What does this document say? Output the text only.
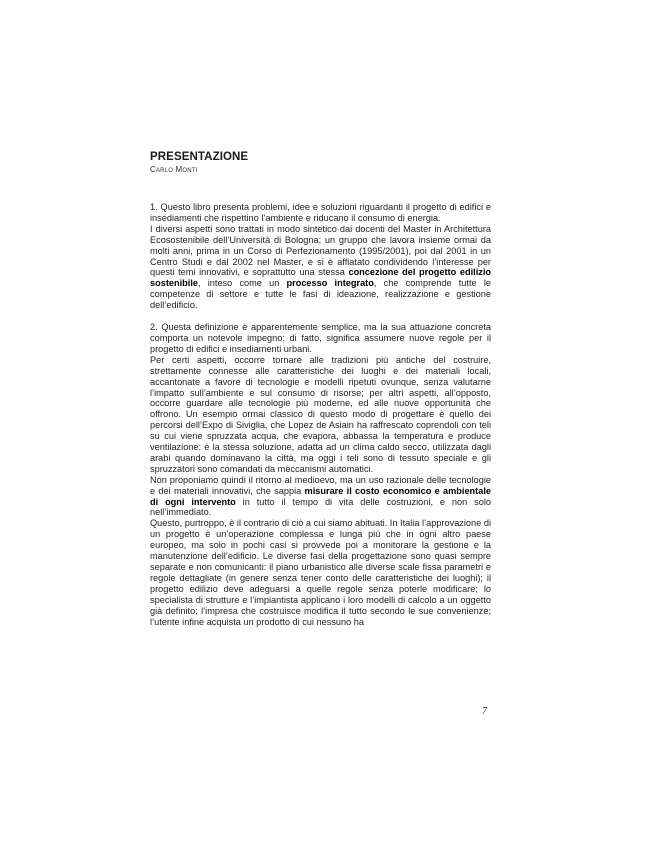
PRESENTAZIONE
Carlo Monti

1. Questo libro presenta problemi, idee e soluzioni riguardanti il progetto di edifici e insediamenti che rispettino l’ambiente e riducano il consumo di energia.

I diversi aspetti sono trattati in modo sintetico dai docenti del Master in Architettura Ecosostenibile dell’Università di Bologna; un gruppo che lavora insieme ormai da molti anni, prima in un Corso di Perfezionamento (1995/2001), poi dal 2001 in un Centro Studi e dal 2002 nel Master, e si è affiatato condividendo l’interesse per questi temi innovativi, e soprattutto una stessa concezione del progetto edilizio sostenibile, inteso come un processo integrato, che comprende tutte le competenze di settore e tutte le fasi di ideazione, realizzazione e gestione dell’edificio.

2. Questa definizione è apparentemente semplice, ma la sua attuazione concreta comporta un notevole impegno; di fatto, significa assumere nuove regole per il progetto di edifici e insediamenti urbani.

Per certi aspetti, occorre tornare alle tradizioni più antiche del costruire, strettamente connesse alle caratteristiche dei luoghi e dei materiali locali, accantonate a favore di tecnologie e modelli ripetuti ovunque, senza valutarne l’impatto sull’ambiente e sul consumo di risorse; per altri aspetti, all’opposto, occorre guardare alle tecnologie più moderne, ed alle nuove opportunità che offrono. Un esempio ormai classico di questo modo di progettare è quello dei percorsi dell’Expo di Siviglia, che Lopez de Asiain ha raffrescato coprendoli con teli su cui viene spruzzata acqua, che evapora, abbassa la temperatura e produce ventilazione: è la stessa soluzione, adatta ad un clima caldo secco, utilizzata dagli arabi quando dominavano la città, ma oggi i teli sono di tessuto speciale e gli spruzzatori sono comandati da meccanismi automatici.

Non proponiamo quindi il ritorno al medioevo, ma un uso razionale delle tecnologie e dei materiali innovativi, che sappia misurare il costo economico e ambientale di ogni intervento in tutto il tempo di vita delle costruzioni, e non solo nell’immediato.

Questo, purtroppo, è il contrario di ciò a cui siamo abituati. In Italia l’approvazione di un progetto è un’operazione complessa e lunga più che in ogni altro paese europeo, ma solo in pochi casi si provvede poi a monitorare la gestione e la manutenzione dell’edificio. Le diverse fasi della progettazione sono quasi sempre separate e non comunicanti: il piano urbanistico alle diverse scale fissa parametri e regole dettagliate (in genere senza tener conto delle caratteristiche dei luoghi); il progetto edilizio deve adeguarsi a quelle regole senza poterle modificare; lo specialista di strutture e l’impiantista applicano i loro modelli di calcolo a un oggetto già definito; l’impresa che costruisce modifica il tutto secondo le sue convenienze; l’utente infine acquista un prodotto di cui nessuno ha

7
